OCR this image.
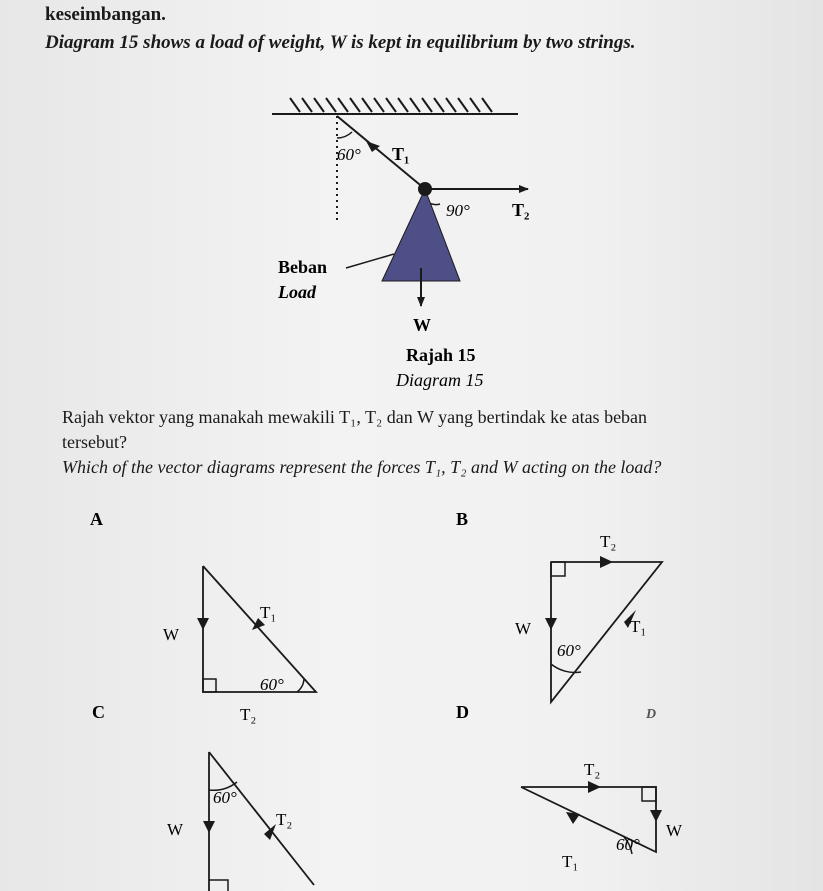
keseimbangan.

Diagram 15 shows a load of weight, W is kept in equilibrium by two strings.

60° T₁
90° T₂
Beban
Load
W
Rajah 15
Diagram 15

Rajah vektor yang manakah mewakili T₁, T₂ dan W yang bertindak ke atas beban

tersebut?

Which of the vector diagrams represent the forces T₁, T₂ and W acting on the load?

A	B
C	D	D
W
T₁
60°
T₂
T₂
W	T₁
60°
60°
W
T₂
T₂
W
60°
T₁
